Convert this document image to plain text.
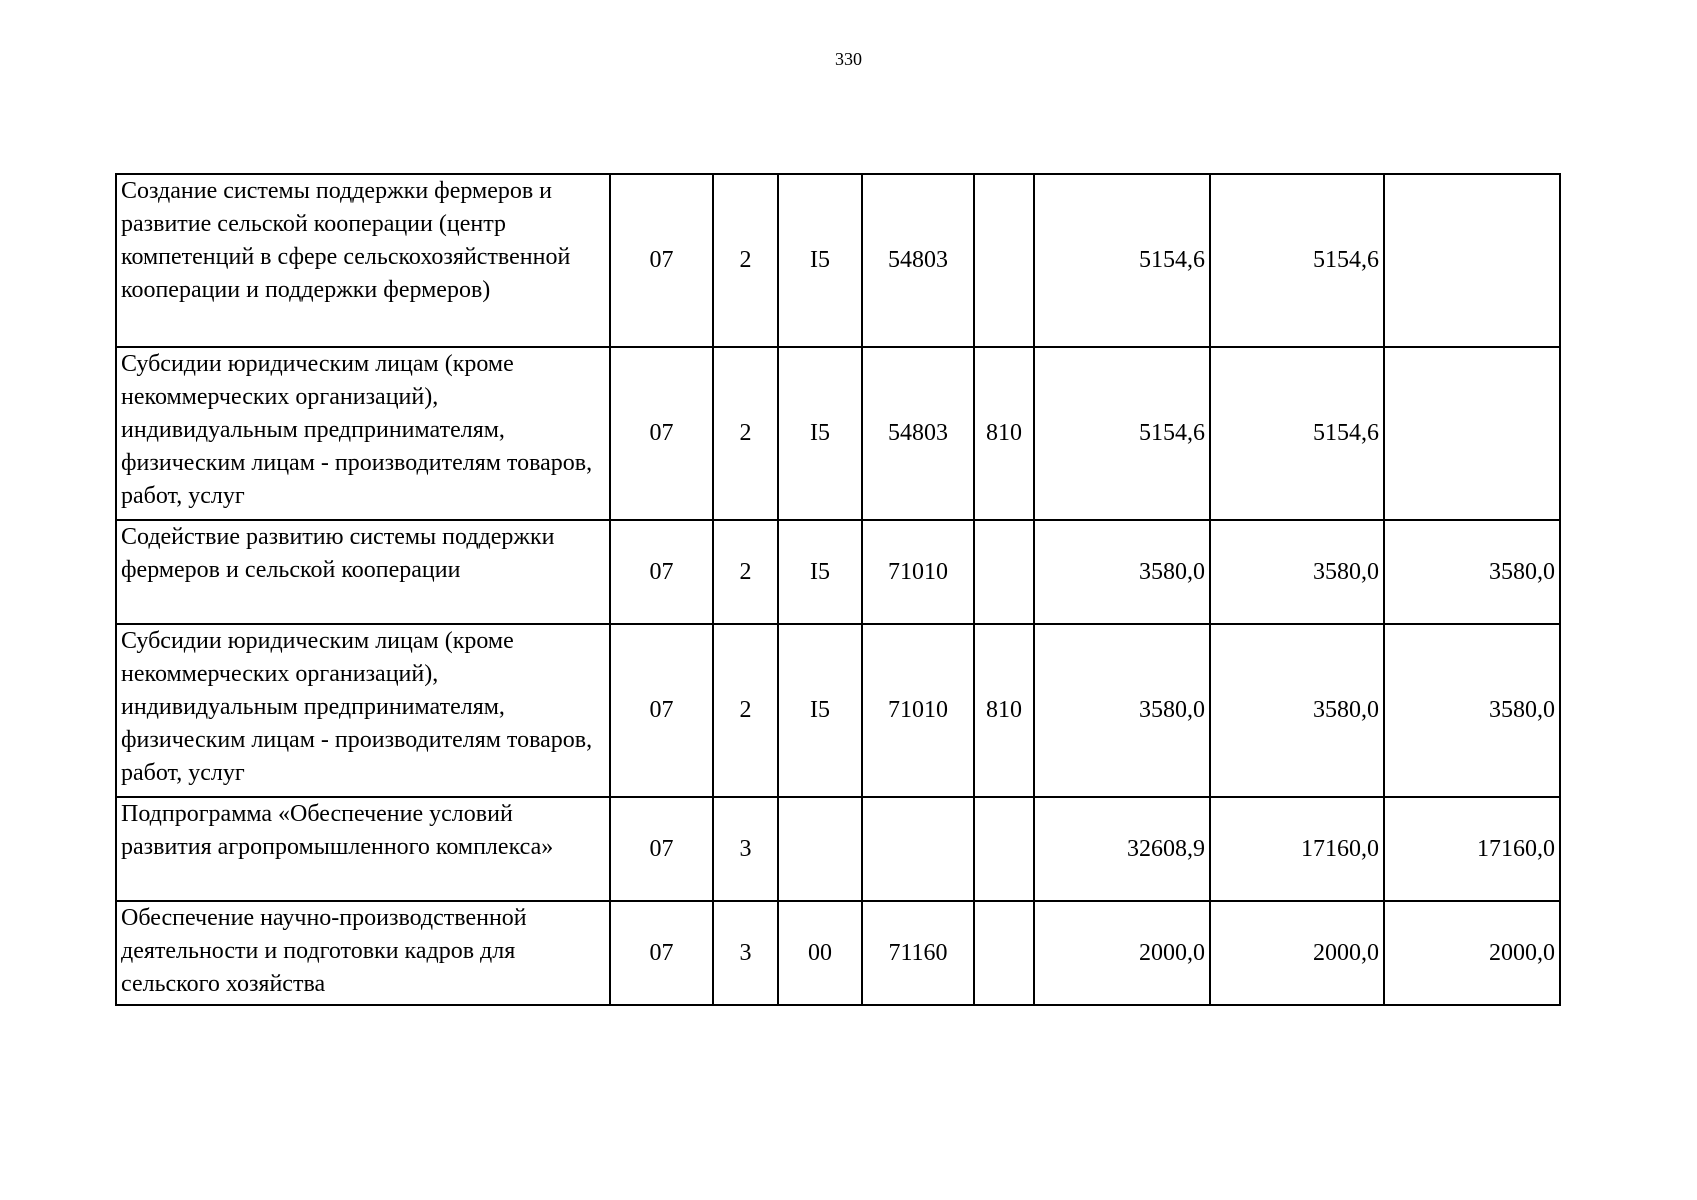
330
Создание системы поддержки фермеров и развитие сельской кооперации (центр компетенций в сфере сельскохозяйственной кооперации и поддержки фермеров)	07	2	I5	54803		5154,6	5154,6	
Субсидии юридическим лицам (кроме некоммерческих организаций), индивидуальным предпринимателям, физическим лицам - производителям товаров, работ, услуг	07	2	I5	54803	810	5154,6	5154,6	
Содействие развитию системы поддержки фермеров и сельской кооперации	07	2	I5	71010		3580,0	3580,0	3580,0
Субсидии юридическим лицам (кроме некоммерческих организаций), индивидуальным предпринимателям, физическим лицам - производителям товаров, работ, услуг	07	2	I5	71010	810	3580,0	3580,0	3580,0
Подпрограмма «Обеспечение условий развития агропромышленного комплекса»	07	3				32608,9	17160,0	17160,0
Обеспечение научно-производственной деятельности и подготовки кадров для сельского хозяйства	07	3	00	71160		2000,0	2000,0	2000,0
